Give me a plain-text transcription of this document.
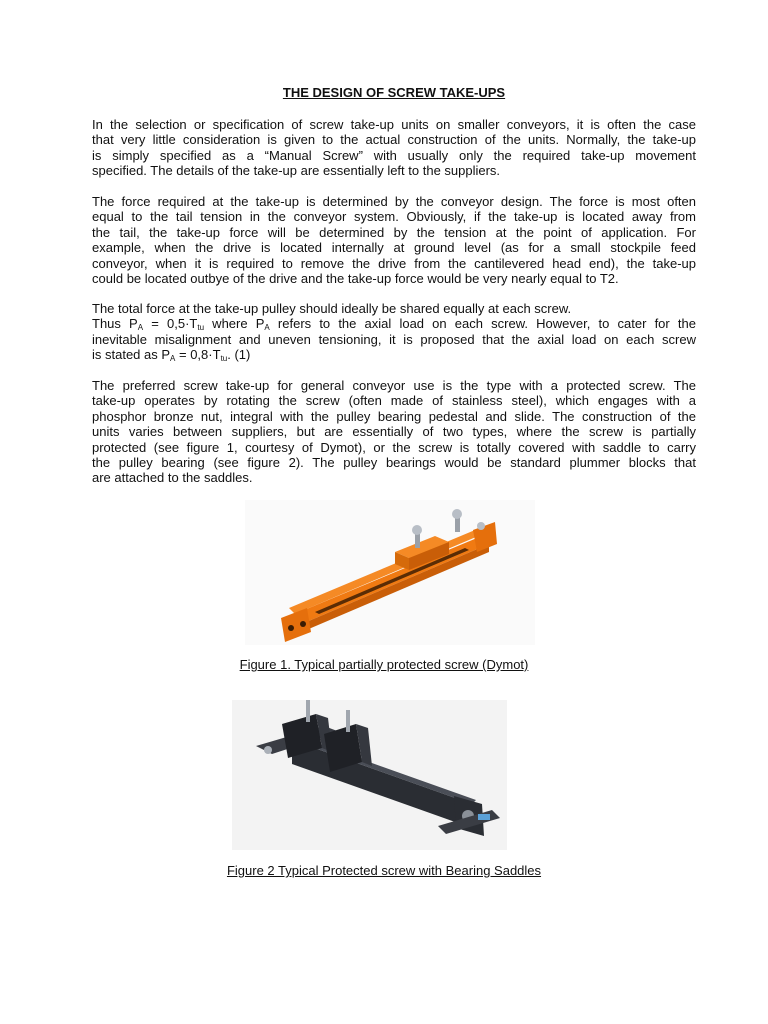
THE DESIGN OF SCREW TAKE-UPS
In the selection or specification of screw take-up units on smaller conveyors, it is often the case
that very little consideration is given to the actual construction of the units. Normally, the take-up
is simply specified as a “Manual Screw” with usually only the required take-up movement
specified. The details of the take-up are essentially left to the suppliers.
The force required at the take-up is determined by the conveyor design. The force is most often
equal to the tail tension in the conveyor system. Obviously, if the take-up is located away from
the tail, the take-up force will be determined by the tension at the point of application. For
example, when the drive is located internally at ground level (as for a small stockpile feed
conveyor, when it is required to remove the drive from the cantilevered head end), the take-up
could be located outbye of the drive and the take-up force would be very nearly equal to T2.
The total force at the take-up pulley should ideally be shared equally at each screw.
Thus $P_A = 0,5\cdot T_{tu}$ where $P_A$ refers to the axial load on each screw. However, to cater for the
inevitable misalignment and uneven tensioning, it is proposed that the axial load on each screw
is stated as $P_A = 0,8\cdot T_{tu}$. (1)
The preferred screw take-up for general conveyor use is the type with a protected screw. The
take-up operates by rotating the screw (often made of stainless steel), which engages with a
phosphor bronze nut, integral with the pulley bearing pedestal and slide. The construction of the
units varies between suppliers, but are essentially of two types, where the screw is partially
protected (see figure 1, courtesy of Dymot), or the screw is totally covered with saddle to carry
the pulley bearing (see figure 2). The pulley bearings would be standard plummer blocks that
are attached to the saddles.
Figure 1. Typical partially protected screw (Dymot)
Figure 2 Typical Protected screw with Bearing Saddles
